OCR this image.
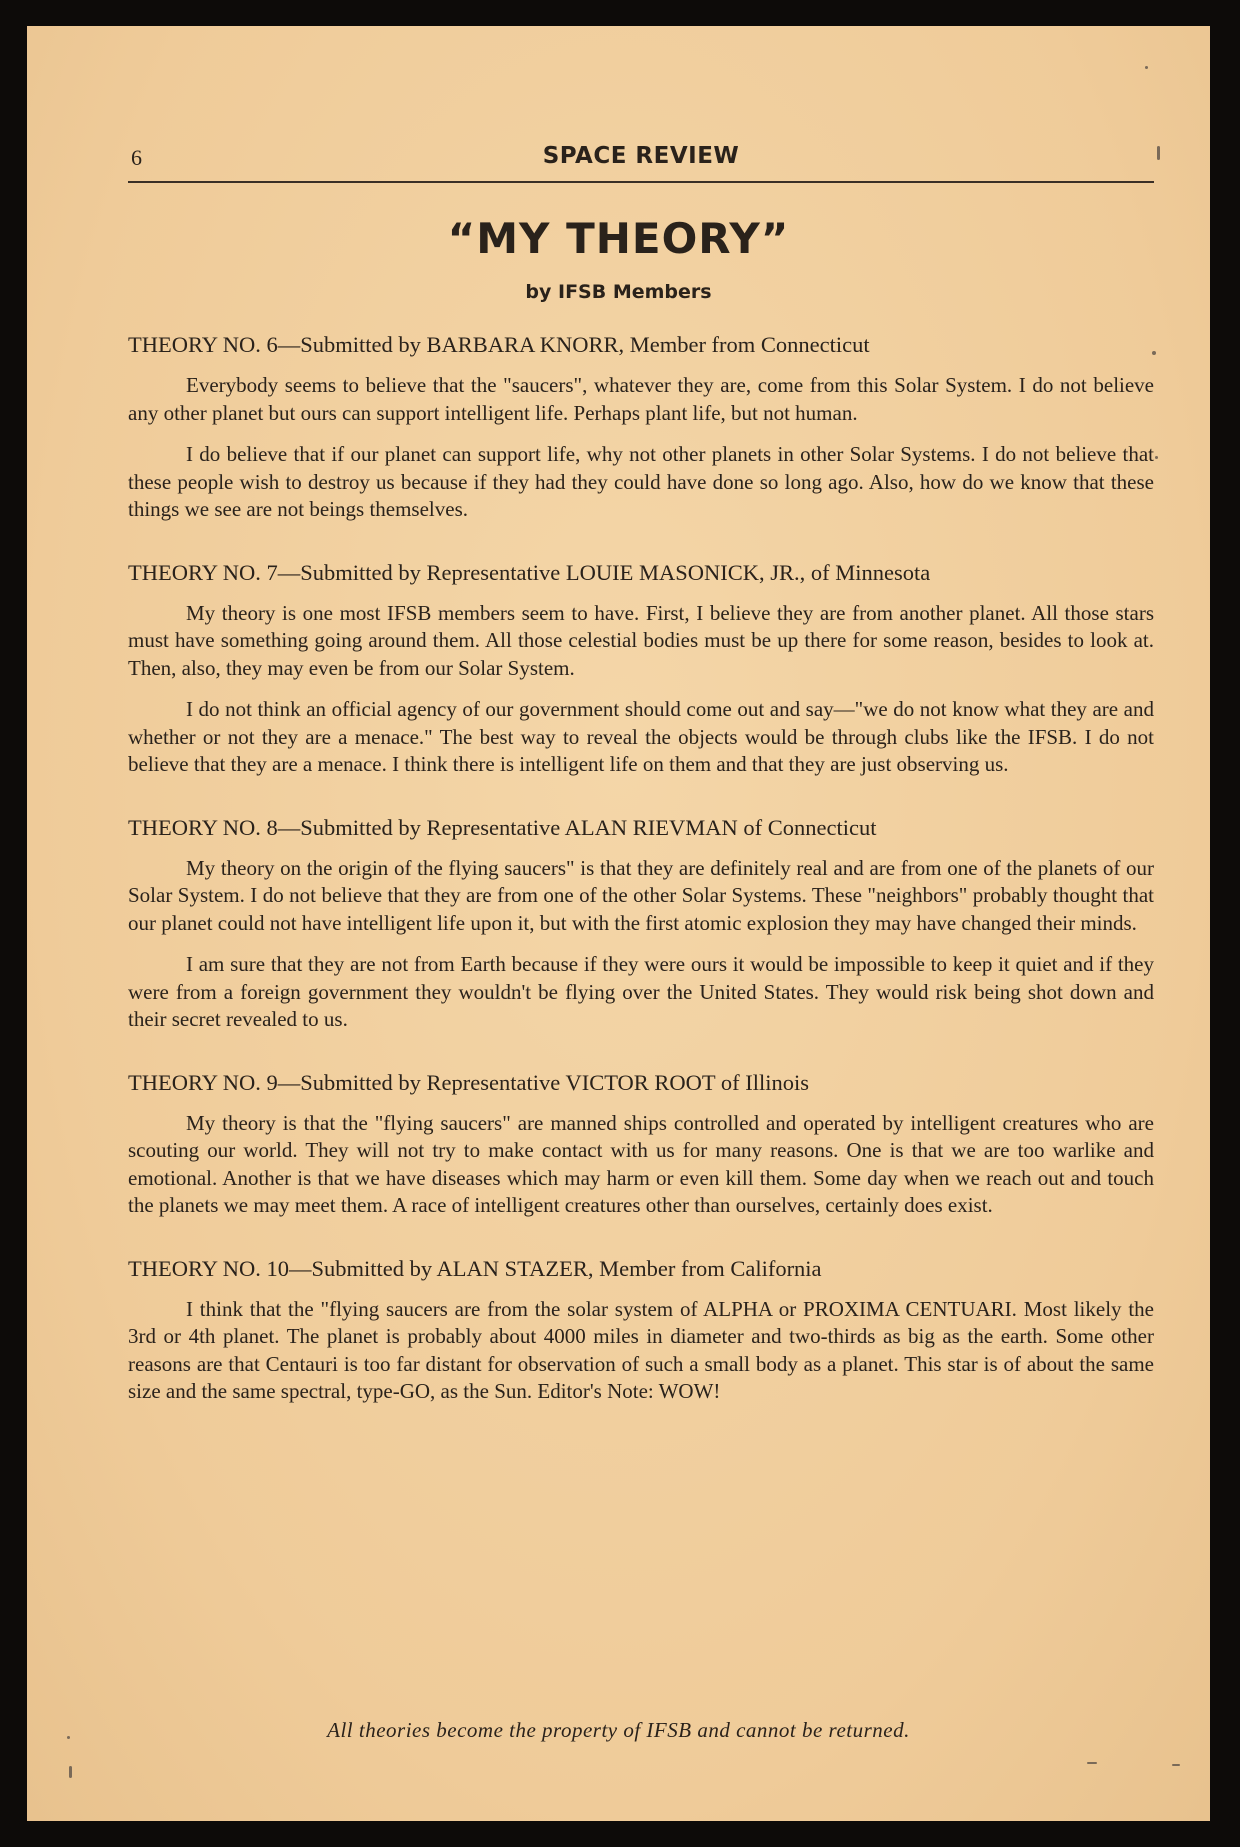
6	SPACE REVIEW
“MY THEORY”
by IFSB Members

THEORY NO. 6—Submitted by BARBARA KNORR, Member from Connecticut

Everybody seems to believe that the "saucers", whatever they are, come from this Solar System. I do not believe any other planet but ours can support intelligent life. Perhaps plant life, but not human.

I do believe that if our planet can support life, why not other planets in other Solar Systems. I do not believe that these people wish to destroy us because if they had they could have done so long ago. Also, how do we know that these things we see are not beings themselves.

THEORY NO. 7—Submitted by Representative LOUIE MASONICK, JR., of Minnesota

My theory is one most IFSB members seem to have. First, I believe they are from another planet. All those stars must have something going around them. All those celestial bodies must be up there for some reason, besides to look at. Then, also, they may even be from our Solar System.

I do not think an official agency of our government should come out and say—"we do not know what they are and whether or not they are a menace." The best way to reveal the objects would be through clubs like the IFSB. I do not believe that they are a menace. I think there is intelligent life on them and that they are just observing us.

THEORY NO. 8—Submitted by Representative ALAN RIEVMAN of Connecticut

My theory on the origin of the flying saucers" is that they are definitely real and are from one of the planets of our Solar System. I do not believe that they are from one of the other Solar Systems. These "neighbors" probably thought that our planet could not have intelligent life upon it, but with the first atomic explosion they may have changed their minds.

I am sure that they are not from Earth because if they were ours it would be impossible to keep it quiet and if they were from a foreign government they wouldn't be flying over the United States. They would risk being shot down and their secret revealed to us.

THEORY NO. 9—Submitted by Representative VICTOR ROOT of Illinois

My theory is that the "flying saucers" are manned ships controlled and operated by intelligent creatures who are scouting our world. They will not try to make contact with us for many reasons. One is that we are too warlike and emotional. Another is that we have diseases which may harm or even kill them. Some day when we reach out and touch the planets we may meet them. A race of intelligent creatures other than ourselves, certainly does exist.

THEORY NO. 10—Submitted by ALAN STAZER, Member from California

I think that the "flying saucers are from the solar system of ALPHA or PROXIMA CENTUARI. Most likely the 3rd or 4th planet. The planet is probably about 4000 miles in diameter and two-thirds as big as the earth. Some other reasons are that Centauri is too far distant for observation of such a small body as a planet. This star is of about the same size and the same spectral, type-GO, as the Sun. Editor's Note: WOW!

All theories become the property of IFSB and cannot be returned.
